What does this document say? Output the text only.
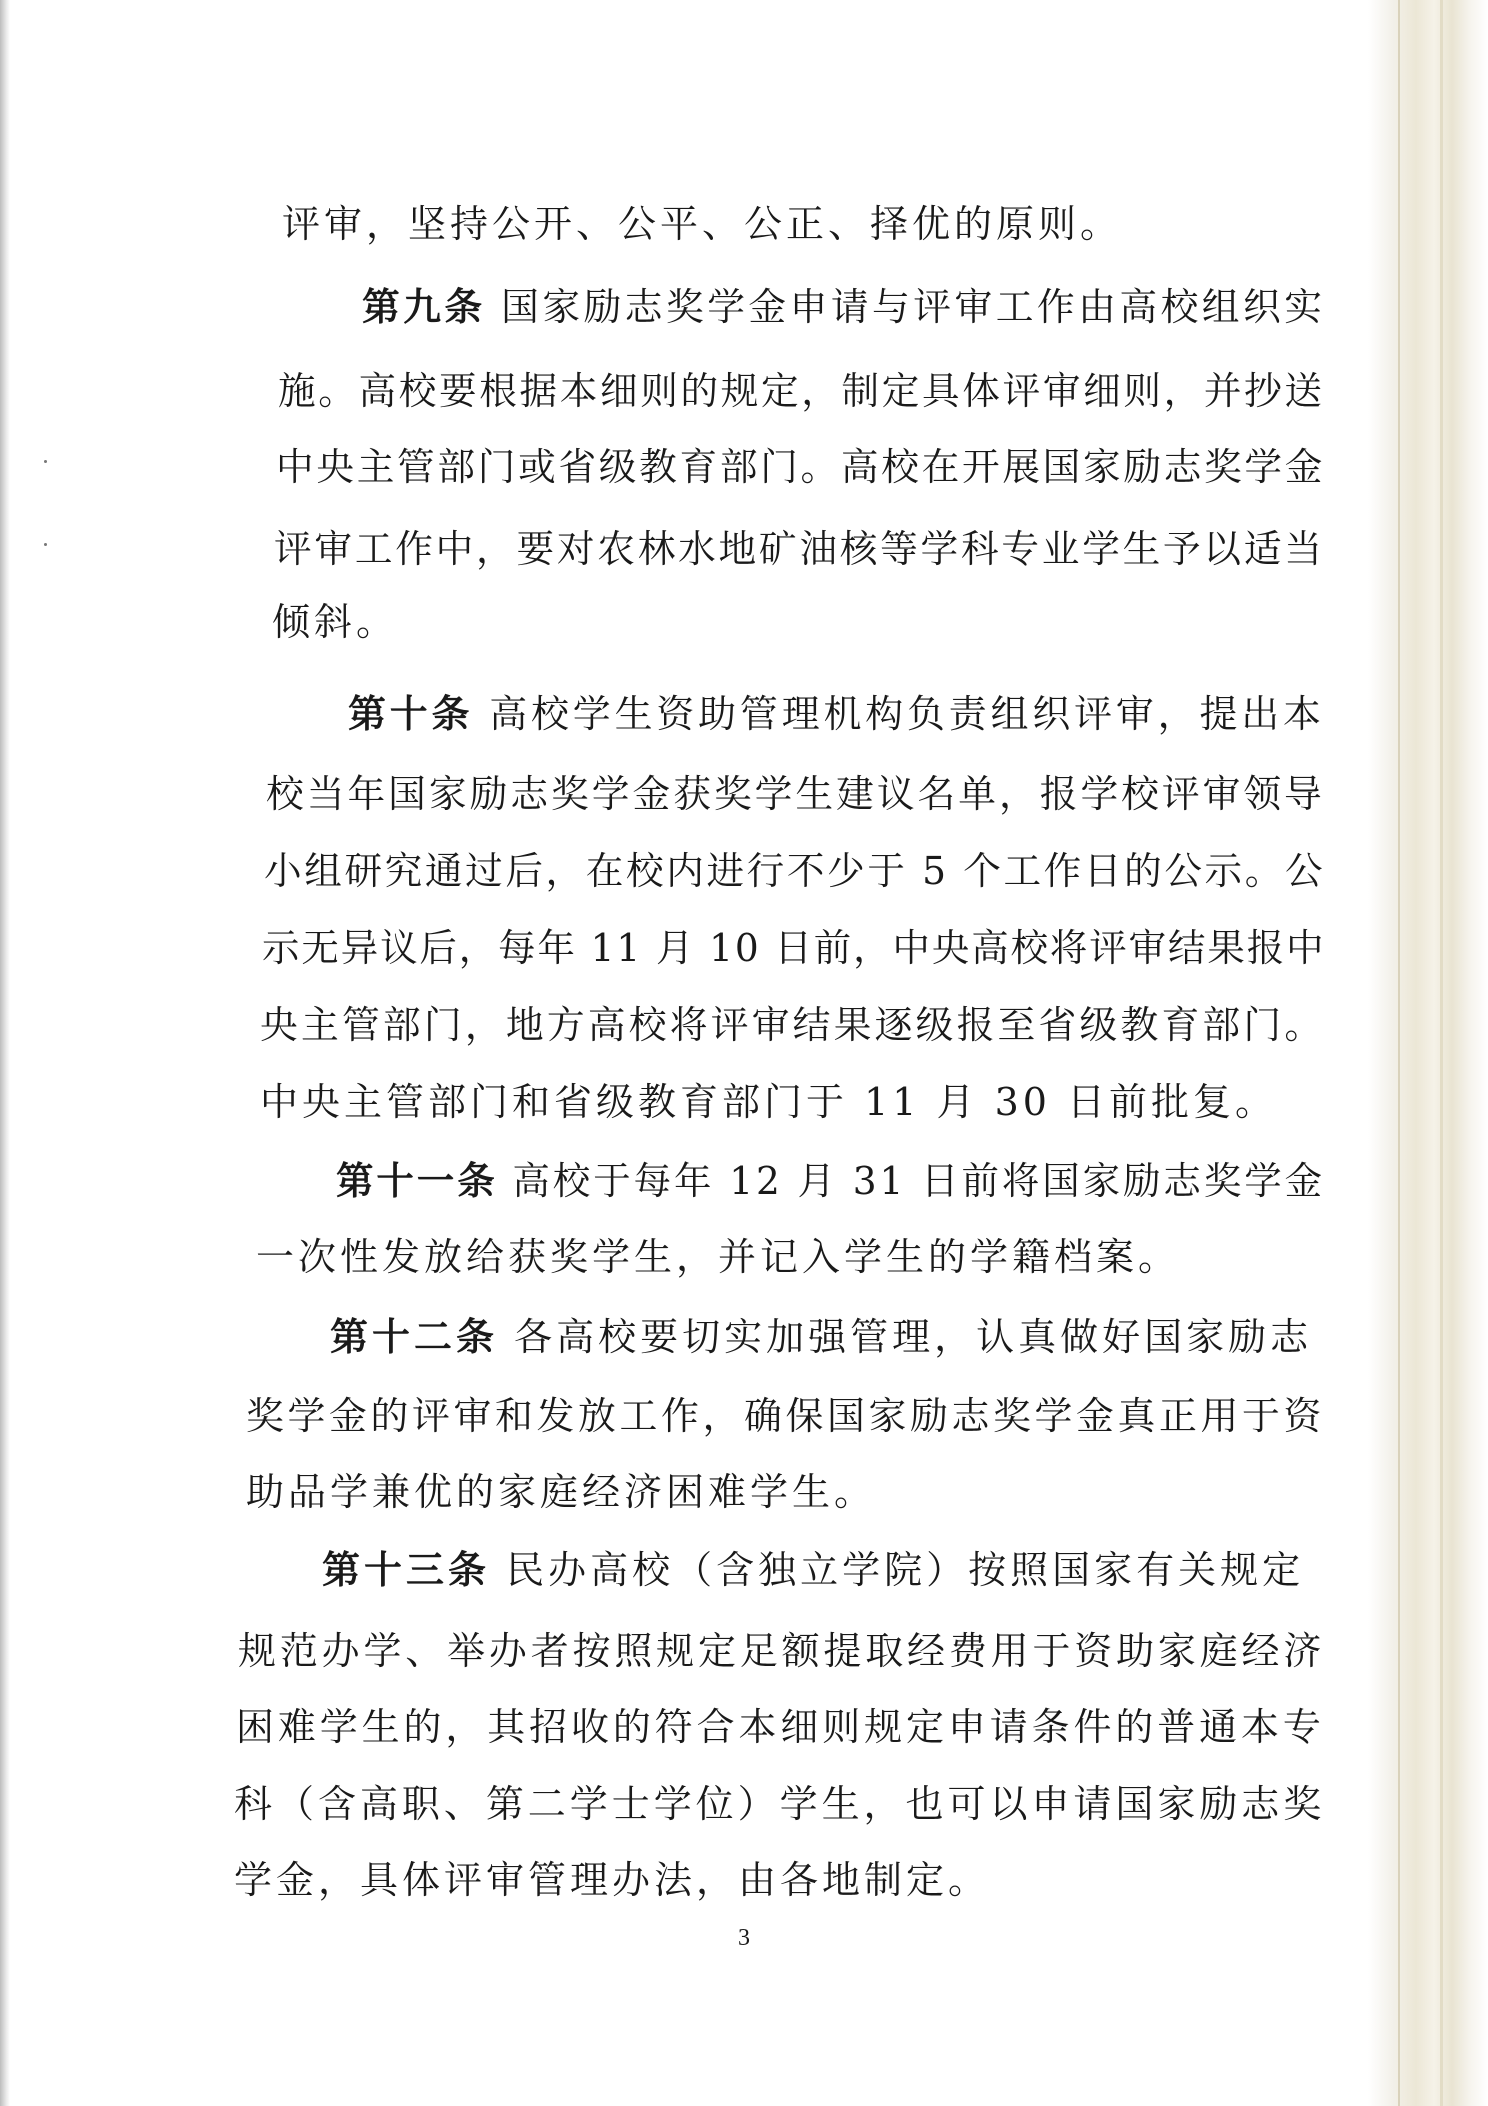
评审，坚持公开、公平、公正、择优的原则。
第九条 国家励志奖学金申请与评审工作由高校组织实
施。高校要根据本细则的规定，制定具体评审细则，并抄送
中央主管部门或省级教育部门。高校在开展国家励志奖学金
评审工作中，要对农林水地矿油核等学科专业学生予以适当
倾斜。
第十条 高校学生资助管理机构负责组织评审，提出本
校当年国家励志奖学金获奖学生建议名单，报学校评审领导
小组研究通过后，在校内进行不少于 5 个工作日的公示。公
示无异议后，每年 11 月 10 日前，中央高校将评审结果报中
央主管部门，地方高校将评审结果逐级报至省级教育部门。
中央主管部门和省级教育部门于 11 月 30 日前批复。
第十一条 高校于每年 12 月 31 日前将国家励志奖学金
一次性发放给获奖学生，并记入学生的学籍档案。
第十二条 各高校要切实加强管理，认真做好国家励志
奖学金的评审和发放工作，确保国家励志奖学金真正用于资
助品学兼优的家庭经济困难学生。
第十三条 民办高校（含独立学院）按照国家有关规定
规范办学、举办者按照规定足额提取经费用于资助家庭经济
困难学生的，其招收的符合本细则规定申请条件的普通本专
科（含高职、第二学士学位）学生，也可以申请国家励志奖
学金，具体评审管理办法，由各地制定。
3
